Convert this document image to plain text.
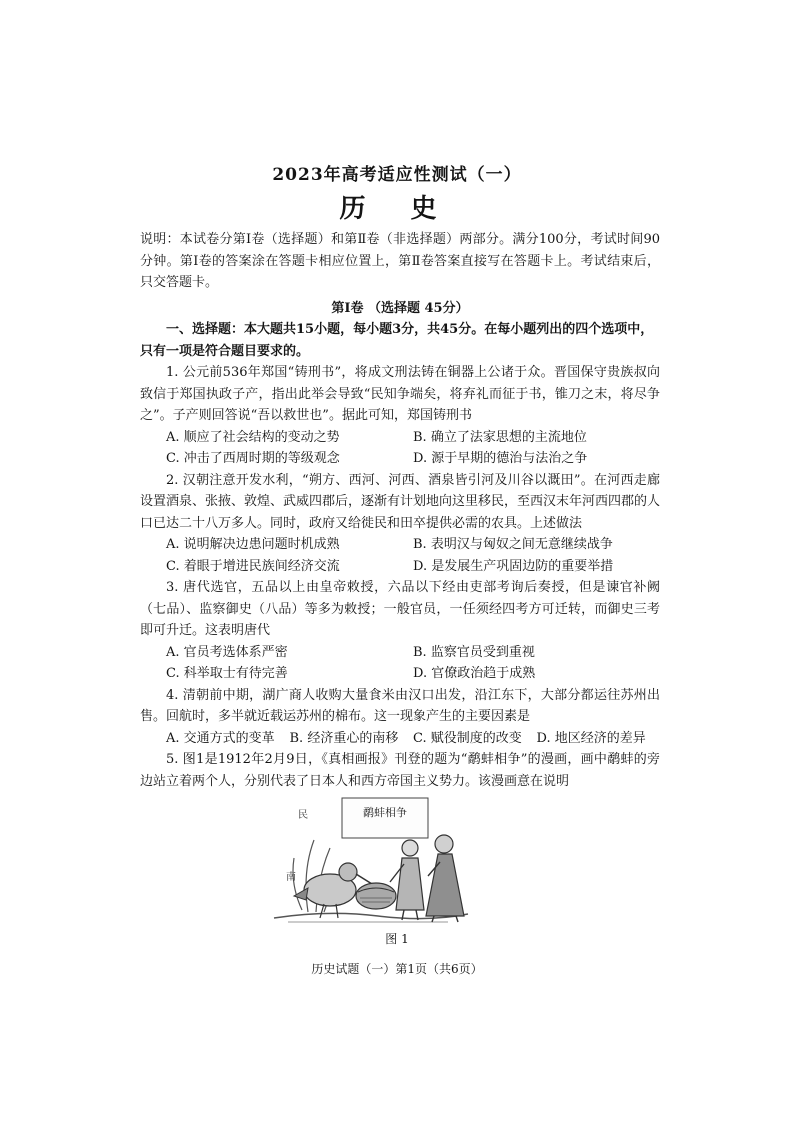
2023年高考适应性测试（一）
历 史

说明：本试卷分第Ⅰ卷（选择题）和第Ⅱ卷（非选择题）两部分。满分100分，考试时间90分钟。第Ⅰ卷的答案涂在答题卡相应位置上，第Ⅱ卷答案直接写在答题卡上。考试结束后，只交答题卡。

第Ⅰ卷 （选择题 45分）

一、选择题：本大题共15小题，每小题3分，共45分。在每小题列出的四个选项中，只有一项是符合题目要求的。

1. 公元前536年郑国“铸刑书”，将成文刑法铸在铜器上公诸于众。晋国保守贵族叔向致信于郑国执政子产，指出此举会导致“民知争端矣，将弃礼而征于书，锥刀之末，将尽争之”。子产则回答说“吾以救世也”。据此可知，郑国铸刑书

A. 顺应了社会结构的变动之势	B. 确立了法家思想的主流地位
C. 冲击了西周时期的等级观念	D. 源于早期的德治与法治之争

2. 汉朝注意开发水利，“朔方、西河、河西、酒泉皆引河及川谷以溉田”。在河西走廊设置酒泉、张掖、敦煌、武威四郡后，逐渐有计划地向这里移民，至西汉末年河西四郡的人口已达二十八万多人。同时，政府又给徙民和田卒提供必需的农具。上述做法

A. 说明解决边患问题时机成熟	B. 表明汉与匈奴之间无意继续战争
C. 着眼于增进民族间经济交流	D. 是发展生产巩固边防的重要举措

3. 唐代选官，五品以上由皇帝敕授，六品以下经由吏部考询后奏授，但是谏官补阙（七品）、监察御史（八品）等多为敕授；一般官员，一任须经四考方可迁转，而御史三考即可升迁。这表明唐代

A. 官员考选体系严密	B. 监察官员受到重视
C. 科举取士有待完善	D. 官僚政治趋于成熟

4. 清朝前中期，湖广商人收购大量食米由汉口出发，沿江东下，大部分都运往苏州出售。回航时，多半就近载运苏州的棉布。这一现象产生的主要因素是

A. 交通方式的变革	B. 经济重心的南移	C. 赋役制度的改变	D. 地区经济的差异

5. 图1是1912年2月9日，《真相画报》刊登的题为“鹬蚌相争”的漫画，画中鹬蚌的旁边站立着两个人，分别代表了日本人和西方帝国主义势力。该漫画意在说明

鹬蚌相争
民
南
图 1
历史试题（一）第1页（共6页）
